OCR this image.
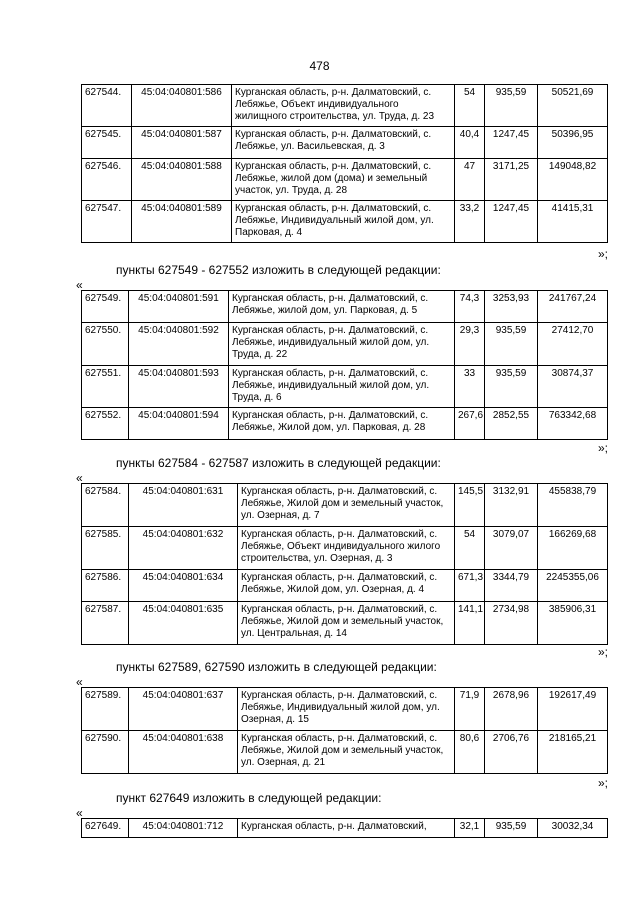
478
627544.	45:04:040801:586	Курганская область, р-н. Далматовский, с. Лебяжье, Объект индивидуального жилищного строительства, ул. Труда, д. 23	54	935,59	50521,69
627545.	45:04:040801:587	Курганская область, р-н. Далматовский, с. Лебяжье, ул. Васильевская, д. 3	40,4	1247,45	50396,95
627546.	45:04:040801:588	Курганская область, р-н. Далматовский, с. Лебяжье, жилой дом (дома) и земельный участок, ул. Труда, д. 28	47	3171,25	149048,82
627547.	45:04:040801:589	Курганская область, р-н. Далматовский, с. Лебяжье, Индивидуальный жилой дом, ул. Парковая, д. 4	33,2	1247,45	41415,31
»;
пункты 627549 - 627552 изложить в следующей редакции:
«
627549.	45:04:040801:591	Курганская область, р-н. Далматовский, с. Лебяжье, жилой дом, ул. Парковая, д. 5	74,3	3253,93	241767,24
627550.	45:04:040801:592	Курганская область, р-н. Далматовский, с. Лебяжье, индивидуальный жилой дом, ул. Труда, д. 22	29,3	935,59	27412,70
627551.	45:04:040801:593	Курганская область, р-н. Далматовский, с. Лебяжье, индивидуальный жилой дом, ул. Труда, д. 6	33	935,59	30874,37
627552.	45:04:040801:594	Курганская область, р-н. Далматовский, с. Лебяжье, Жилой дом, ул. Парковая, д. 28	267,6	2852,55	763342,68
»;
пункты 627584 - 627587 изложить в следующей редакции:
«
627584.	45:04:040801:631	Курганская область, р-н. Далматовский, с. Лебяжье, Жилой дом и земельный участок, ул. Озерная, д. 7	145,5	3132,91	455838,79
627585.	45:04:040801:632	Курганская область, р-н. Далматовский, с. Лебяжье, Объект индивидуального жилого строительства, ул. Озерная, д. 3	54	3079,07	166269,68
627586.	45:04:040801:634	Курганская область, р-н. Далматовский, с. Лебяжье, Жилой дом, ул. Озерная, д. 4	671,3	3344,79	2245355,06
627587.	45:04:040801:635	Курганская область, р-н. Далматовский, с. Лебяжье, Жилой дом и земельный участок, ул. Центральная, д. 14	141,1	2734,98	385906,31
»;
пункты 627589, 627590 изложить в следующей редакции:
«
627589.	45:04:040801:637	Курганская область, р-н. Далматовский, с. Лебяжье, Индивидуальный жилой дом, ул. Озерная, д. 15	71,9	2678,96	192617,49
627590.	45:04:040801:638	Курганская область, р-н. Далматовский, с. Лебяжье, Жилой дом и земельный участок, ул. Озерная, д. 21	80,6	2706,76	218165,21
»;
пункт 627649 изложить в следующей редакции:
«
627649.	45:04:040801:712	Курганская область, р-н. Далматовский,	32,1	935,59	30032,34
